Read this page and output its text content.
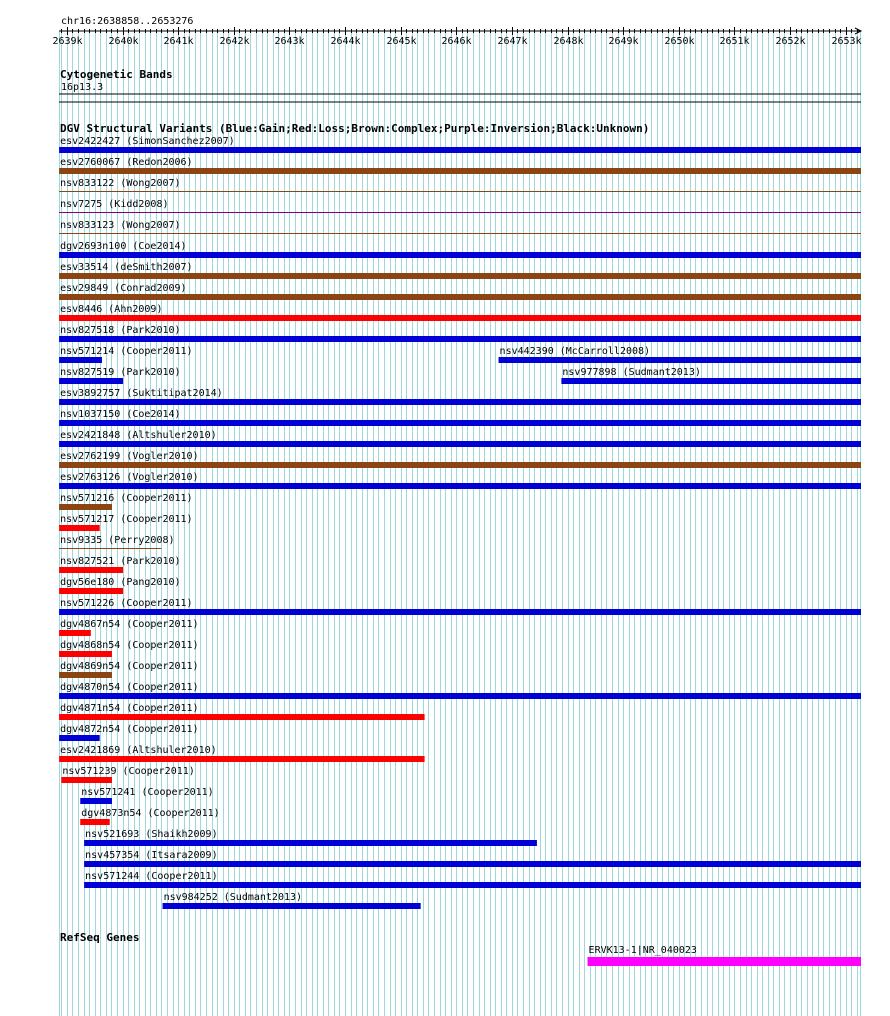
chr16:2638858..2653276
2639k	2640k 2641k	2642k 2643k	2644k	2645k 2646k	2647k	2648k 2649k	2650k 2651k	2652k	2653k
Cytogenetic Bands
16p13.3
DGV Structural Variants (Blue:Gain;Red:Loss;Brown:Complex;Purple:Inversion;Black:Unknown)
esv2422427 (SimonSanchez2007)
esv2760067 (Redon2006)
nsv833122 (Wong2007)
nsv7275 (Kidd2008)
nsv833123 (Wong2007)
dgv2693n100 (Coe2014)
esv33514 (deSmith2007)
esv29849 (Conrad2009)
esv8446 (Ahn2009)
nsv827518 (Park2010)
nsv571214 (Cooper2011)	nsv442390 (McCarroll2008)
nsv827519 (Park2010)	nsv977898 (Sudmant2013)
esv3892757 (Suktitipat2014)
nsv1037150 (Coe2014)
esv2421848 (Altshuler2010)
esv2762199 (Vogler2010)
esv2763126 (Vogler2010)
nsv571216 (Cooper2011)
nsv571217 (Cooper2011)
nsv9335 (Perry2008)
nsv827521 (Park2010)
dgv56e180 (Pang2010)
nsv571226 (Cooper2011)
dgv4867n54 (Cooper2011)
dgv4868n54 (Cooper2011)
dgv4869n54 (Cooper2011)
dgv4870n54 (Cooper2011)
dgv4871n54 (Cooper2011)
dgv4872n54 (Cooper2011)
esv2421869 (Altshuler2010)
nsv571239 (Cooper2011)
nsv571241 (Cooper2011)
dgv4873n54 (Cooper2011)
nsv521693 (Shaikh2009)
nsv457354 (Itsara2009)
nsv571244 (Cooper2011)
nsv984252 (Sudmant2013)
RefSeq Genes
ERVK13-1|NR_040023
